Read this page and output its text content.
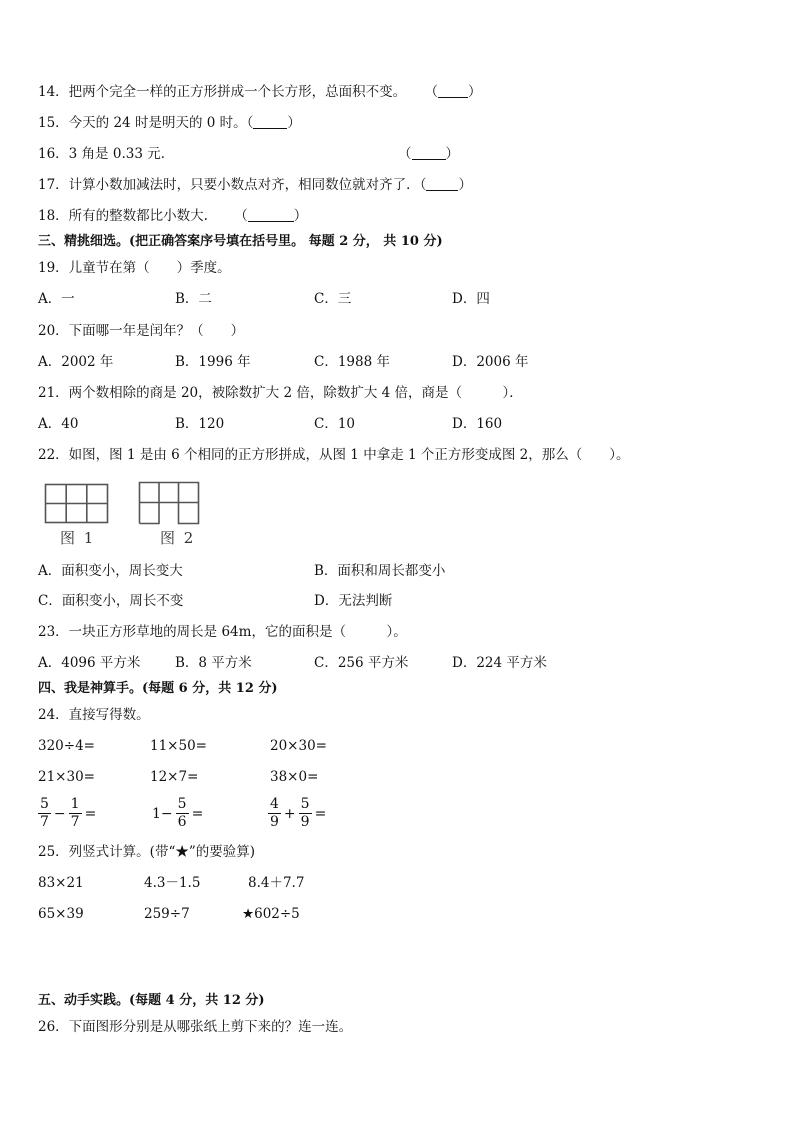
14．把两个完全一样的正方形拼成一个长方形，总面积不变。 （ ）
15．今天的 24 时是明天的 0 时。（	）
16．3 角是 0.33 元．	（	）
17．计算小数加减法时，只要小数点对齐，相同数位就对齐了．（ ）
18．所有的整数都比小数大. （	）
三、精挑细选。(把正确答案序号填在括号里。 每题 2 分， 共 10 分)
19．儿童节在第（　　）季度。
A．一	B．二	C．三	D．四
20．下面哪一年是闰年？（　　）
A．2002 年	B．1996 年	C．1988 年	D．2006 年
21．两个数相除的商是 20，被除数扩大 2 倍，除数扩大 4 倍，商是（　　　）．
A．40	B．120	C．10	D．160
22．如图，图 1 是由 6 个相同的正方形拼成，从图 1 中拿走 1 个正方形变成图 2，那么（　　）。
图 1	图 2
A．面积变小，周长变大	B．面积和周长都变小
C．面积变小，周长不变	D．无法判断
23．一块正方形草地的周长是 64m，它的面积是（　　　）。
A．4096 平方米	B．8 平方米	C．256 平方米	D．224 平方米
四、我是神算手。(每题 6 分，共 12 分)
24．直接写得数。
320÷4=	11×50=	20×30=
21×30=	12×7=	38×0=
$\frac{5}{7} - \frac{1}{7}$ =	$1- \frac{5}{6}$ =	$\frac{4}{9} + \frac{5}{9}$ =
25．列竖式计算。(带“★”的要验算)
83×21	4.3－1.5	8.4＋7.7
65×39	259÷7	★602÷5
五、动手实践。(每题 4 分，共 12 分)
26．下面图形分别是从哪张纸上剪下来的？连一连。
